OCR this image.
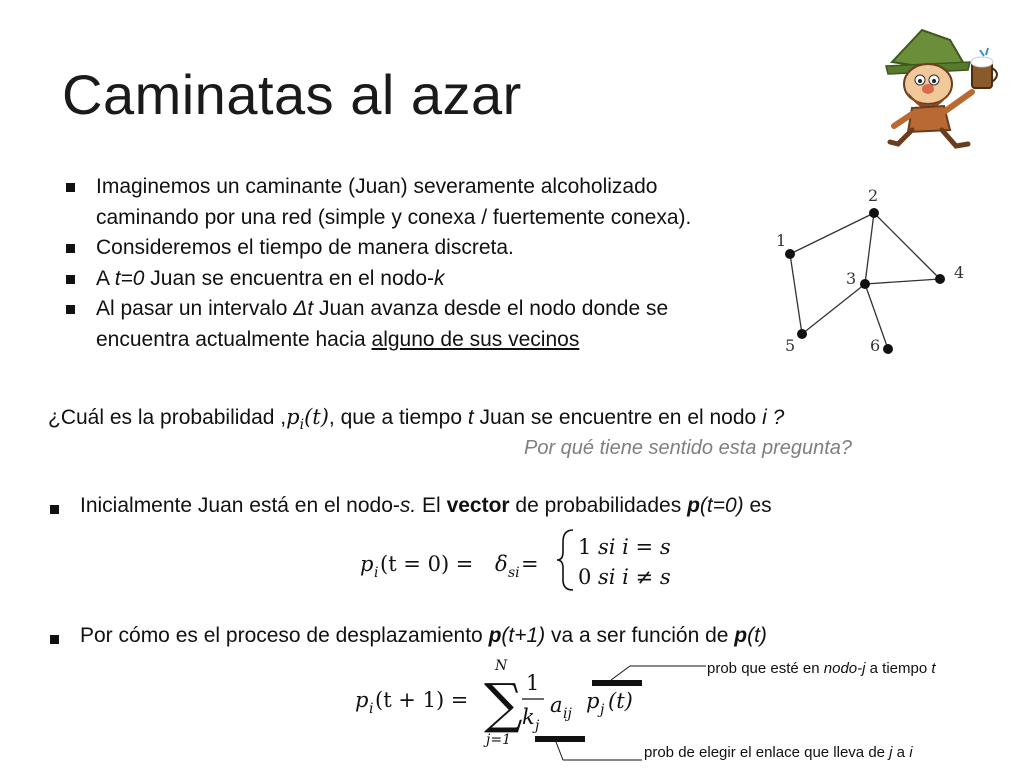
Caminatas al azar
Imaginemos un caminante (Juan) severamente alcoholizado caminando por una red (simple y conexa / fuertemente conexa).
Consideremos el tiempo de manera discreta.
A t=0 Juan se encuentra en el nodo-k
Al pasar un intervalo Δt Juan avanza desde el nodo donde se encuentra actualmente hacia alguno de sus vecinos
1
2
3	4
5	6
¿Cuál es la probabilidad $,p_i(t)$, que a tiempo t Juan se encuentre en el nodo i ?
Por qué tiene sentido esta pregunta?
Inicialmente Juan está en el nodo-s. El vector de probabilidades p(t=0) es
p i (t = 0) = δ si =
1 si i = s
0 si i ≠ s
Por cómo es el proceso de desplazamiento p(t+1) va a ser función de p(t)
p i (t + 1) = ∑
N
j=1
1
k j
a ij
p j (t)
prob que esté en nodo-j a tiempo t
prob de elegir el enlace que lleva de j a i
